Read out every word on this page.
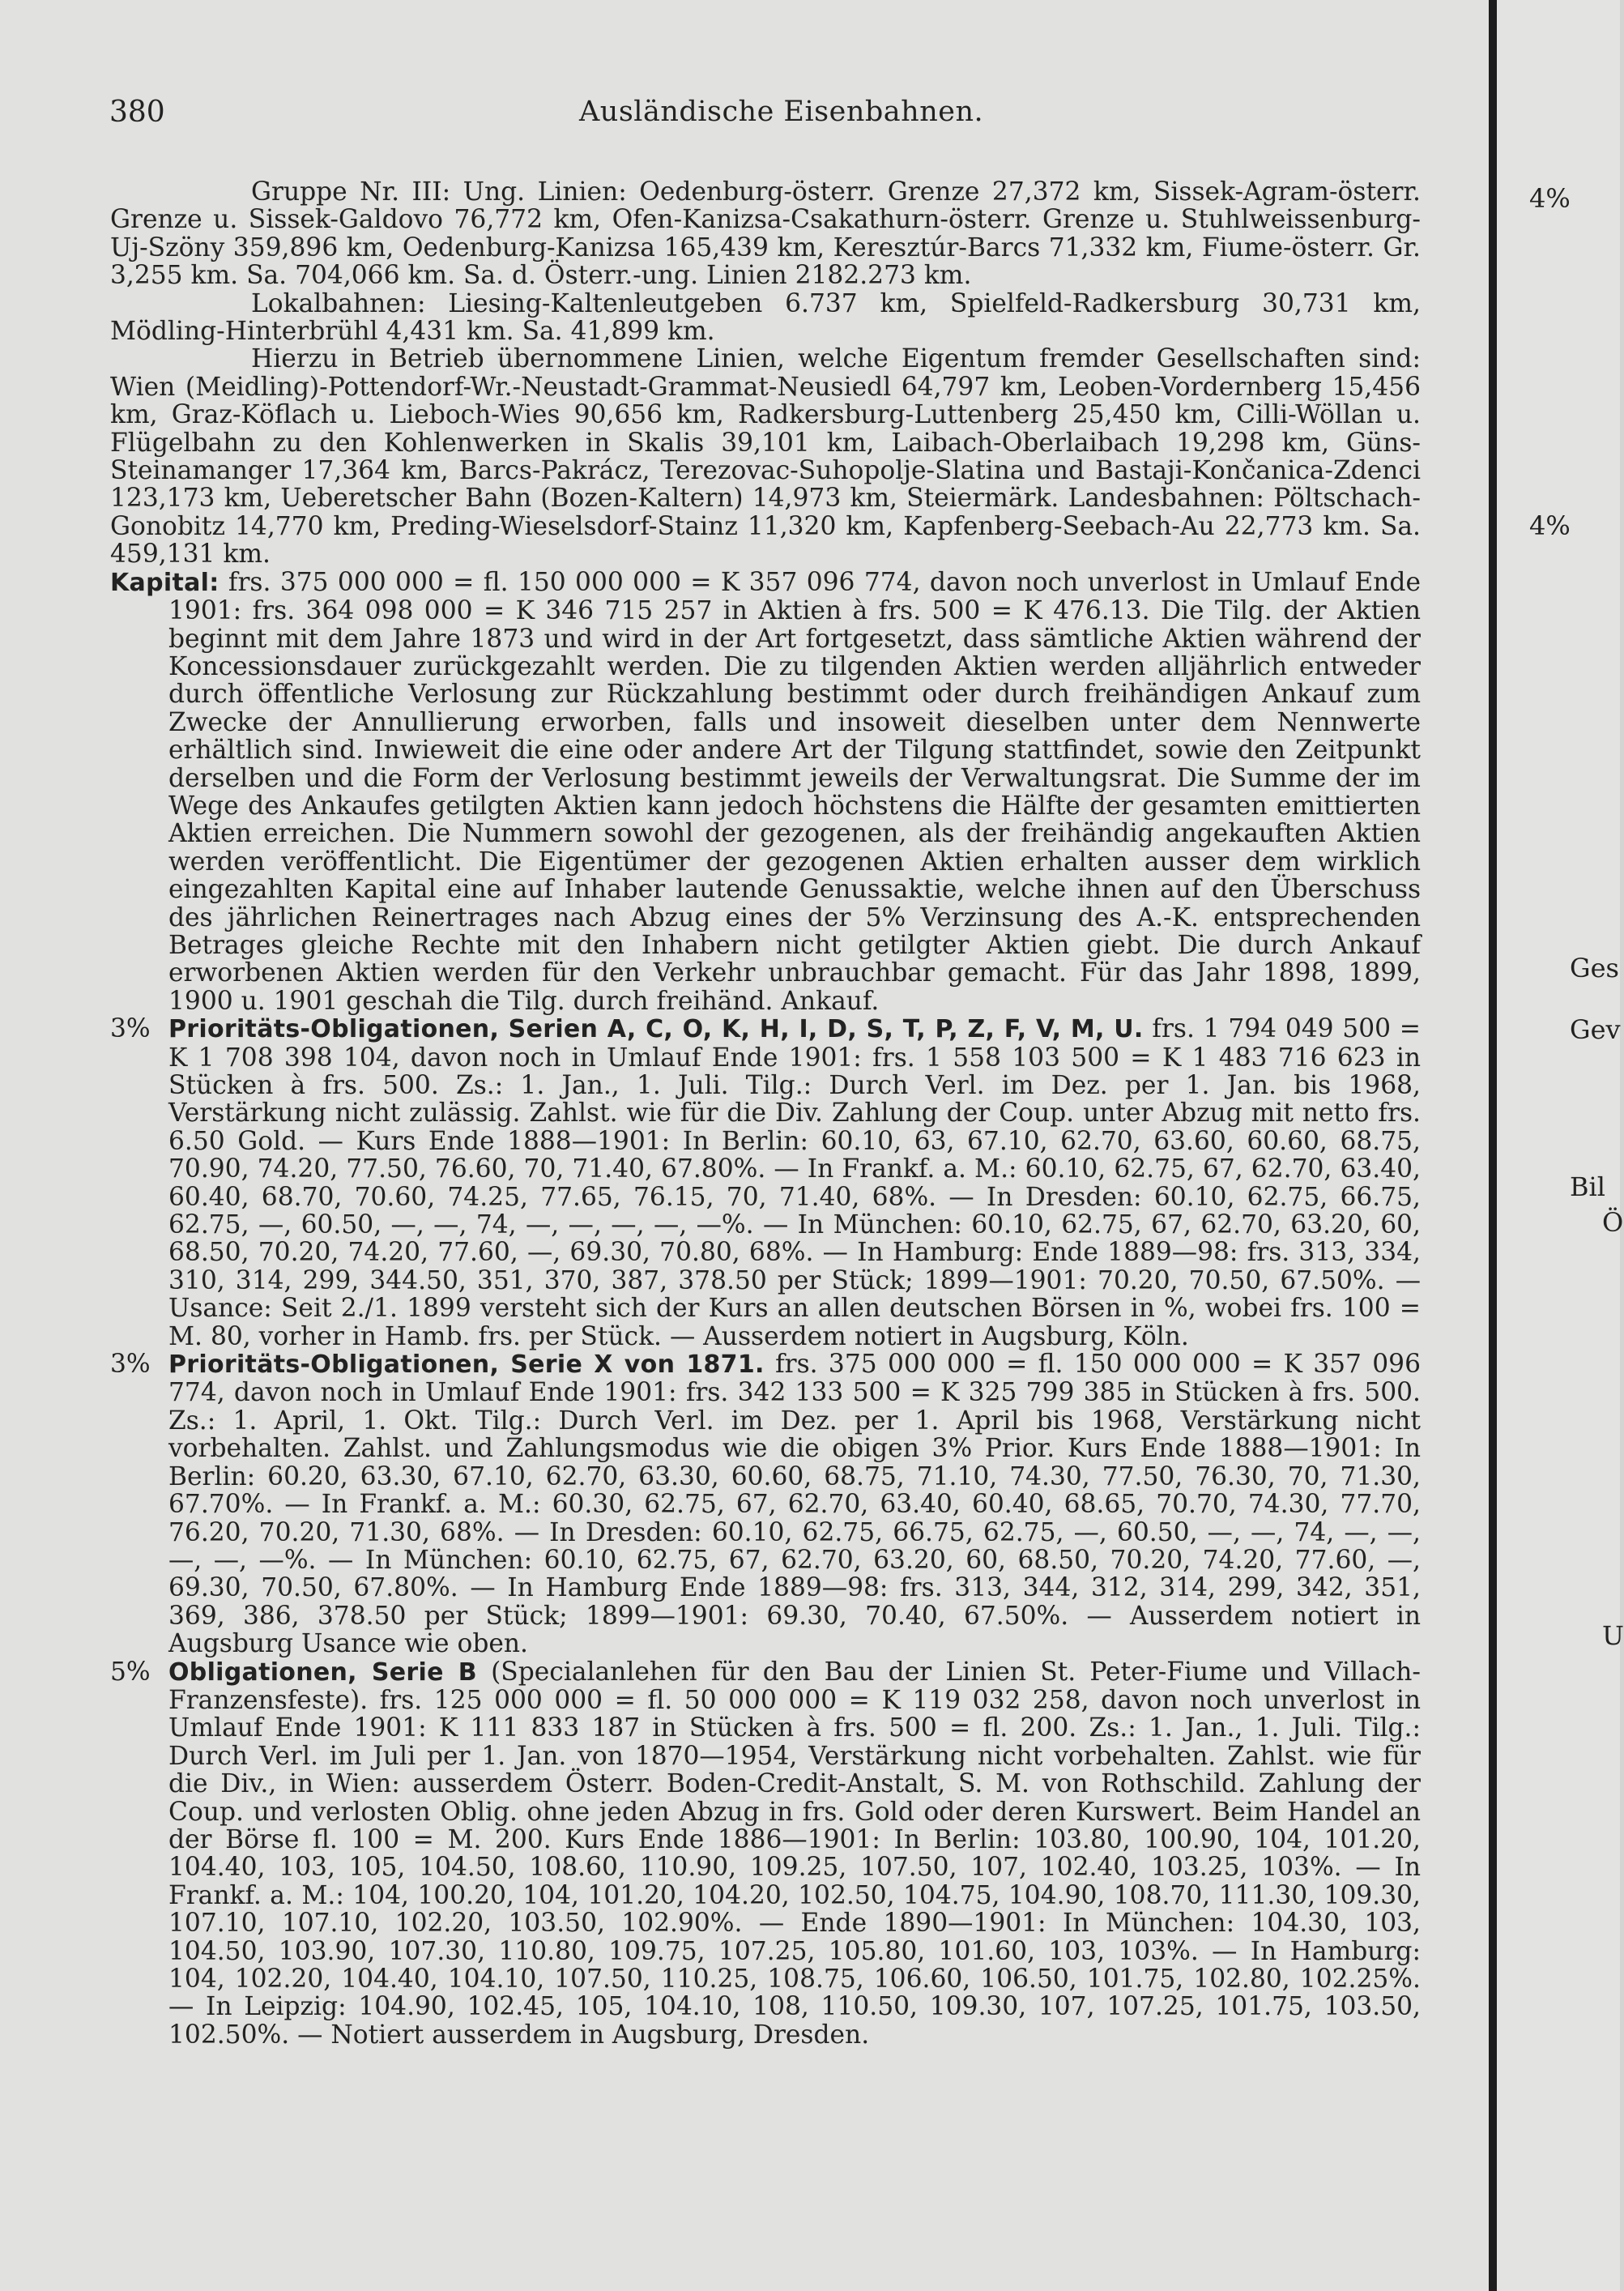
380	Ausländische Eisenbahnen.

Gruppe Nr. III: Ung. Linien: Oedenburg-österr. Grenze 27,372 km, Sissek-Agram-österr. Grenze u. Sissek-Galdovo 76,772 km, Ofen-Kanizsa-Csakathurn-österr. Grenze u. Stuhlweissenburg-Uj-Szöny 359,896 km, Oedenburg-Kanizsa 165,439 km, Keresztúr-Barcs 71,332 km, Fiume-österr. Gr. 3,255 km. Sa. 704,066 km. Sa. d. Österr.-ung. Linien 2182.273 km.

Lokalbahnen: Liesing-Kaltenleutgeben 6.737 km, Spielfeld-Radkersburg 30,731 km, Mödling-Hinterbrühl 4,431 km. Sa. 41,899 km.

Hierzu in Betrieb übernommene Linien, welche Eigentum fremder Gesellschaften sind: Wien (Meidling)-Pottendorf-Wr.-Neustadt-Grammat-Neusiedl 64,797 km, Leoben-Vordernberg 15,456 km, Graz-Köflach u. Lieboch-Wies 90,656 km, Radkersburg-Luttenberg 25,450 km, Cilli-Wöllan u. Flügelbahn zu den Kohlenwerken in Skalis 39,101 km, Laibach-Oberlaibach 19,298 km, Güns-Steinamanger 17,364 km, Barcs-Pakrácz, Terezovac-Suhopolje-Slatina und Bastaji-Končanica-Zdenci 123,173 km, Ueberetscher Bahn (Bozen-Kaltern) 14,973 km, Steiermärk. Landesbahnen: Pöltschach-Gonobitz 14,770 km, Preding-Wieselsdorf-Stainz 11,320 km, Kapfenberg-Seebach-Au 22,773 km. Sa. 459,131 km.

Kapital: frs. 375 000 000 = fl. 150 000 000 = K 357 096 774, davon noch unverlost in Umlauf Ende 1901: frs. 364 098 000 = K 346 715 257 in Aktien à frs. 500 = K 476.13. Die Tilg. der Aktien beginnt mit dem Jahre 1873 und wird in der Art fortgesetzt, dass sämtliche Aktien während der Koncessionsdauer zurückgezahlt werden. Die zu tilgenden Aktien werden alljährlich entweder durch öffentliche Verlosung zur Rückzahlung bestimmt oder durch freihändigen Ankauf zum Zwecke der Annullierung erworben, falls und insoweit dieselben unter dem Nennwerte erhältlich sind. Inwieweit die eine oder andere Art der Tilgung stattfindet, sowie den Zeitpunkt derselben und die Form der Verlosung bestimmt jeweils der Verwaltungsrat. Die Summe der im Wege des Ankaufes getilgten Aktien kann jedoch höchstens die Hälfte der gesamten emittierten Aktien erreichen. Die Nummern sowohl der gezogenen, als der freihändig angekauften Aktien werden veröffentlicht. Die Eigentümer der gezogenen Aktien erhalten ausser dem wirklich eingezahlten Kapital eine auf Inhaber lautende Genussaktie, welche ihnen auf den Überschuss des jährlichen Reinertrages nach Abzug eines der 5% Verzinsung des A.-K. entsprechenden Betrages gleiche Rechte mit den Inhabern nicht getilgter Aktien giebt. Die durch Ankauf erworbenen Aktien werden für den Verkehr unbrauchbar gemacht. Für das Jahr 1898, 1899, 1900 u. 1901 geschah die Tilg. durch freihänd. Ankauf.

3% Prioritäts-Obligationen, Serien A, C, O, K, H, I, D, S, T, P, Z, F, V, M, U. frs. 1 794 049 500 = K 1 708 398 104, davon noch in Umlauf Ende 1901: frs. 1 558 103 500 = K 1 483 716 623 in Stücken à frs. 500. Zs.: 1. Jan., 1. Juli. Tilg.: Durch Verl. im Dez. per 1. Jan. bis 1968, Verstärkung nicht zulässig. Zahlst. wie für die Div. Zahlung der Coup. unter Abzug mit netto frs. 6.50 Gold. — Kurs Ende 1888—1901: In Berlin: 60.10, 63, 67.10, 62.70, 63.60, 60.60, 68.75, 70.90, 74.20, 77.50, 76.60, 70, 71.40, 67.80%. — In Frankf. a. M.: 60.10, 62.75, 67, 62.70, 63.40, 60.40, 68.70, 70.60, 74.25, 77.65, 76.15, 70, 71.40, 68%. — In Dresden: 60.10, 62.75, 66.75, 62.75, —, 60.50, —, —, 74, —, —, —, —, —%. — In München: 60.10, 62.75, 67, 62.70, 63.20, 60, 68.50, 70.20, 74.20, 77.60, —, 69.30, 70.80, 68%. — In Hamburg: Ende 1889—98: frs. 313, 334, 310, 314, 299, 344.50, 351, 370, 387, 378.50 per Stück; 1899—1901: 70.20, 70.50, 67.50%. — Usance: Seit 2./1. 1899 versteht sich der Kurs an allen deutschen Börsen in %, wobei frs. 100 = M. 80, vorher in Hamb. frs. per Stück. — Ausserdem notiert in Augsburg, Köln.

3% Prioritäts-Obligationen, Serie X von 1871. frs. 375 000 000 = fl. 150 000 000 = K 357 096 774, davon noch in Umlauf Ende 1901: frs. 342 133 500 = K 325 799 385 in Stücken à frs. 500. Zs.: 1. April, 1. Okt. Tilg.: Durch Verl. im Dez. per 1. April bis 1968, Verstärkung nicht vorbehalten. Zahlst. und Zahlungsmodus wie die obigen 3% Prior. Kurs Ende 1888—1901: In Berlin: 60.20, 63.30, 67.10, 62.70, 63.30, 60.60, 68.75, 71.10, 74.30, 77.50, 76.30, 70, 71.30, 67.70%. — In Frankf. a. M.: 60.30, 62.75, 67, 62.70, 63.40, 60.40, 68.65, 70.70, 74.30, 77.70, 76.20, 70.20, 71.30, 68%. — In Dresden: 60.10, 62.75, 66.75, 62.75, —, 60.50, —, —, 74, —, —, —, —, —%. — In München: 60.10, 62.75, 67, 62.70, 63.20, 60, 68.50, 70.20, 74.20, 77.60, —, 69.30, 70.50, 67.80%. — In Hamburg Ende 1889—98: frs. 313, 344, 312, 314, 299, 342, 351, 369, 386, 378.50 per Stück; 1899—1901: 69.30, 70.40, 67.50%. — Ausserdem notiert in Augsburg Usance wie oben.

5% Obligationen, Serie B (Specialanlehen für den Bau der Linien St. Peter-Fiume und Villach-Franzensfeste). frs. 125 000 000 = fl. 50 000 000 = K 119 032 258, davon noch unverlost in Umlauf Ende 1901: K 111 833 187 in Stücken à frs. 500 = fl. 200. Zs.: 1. Jan., 1. Juli. Tilg.: Durch Verl. im Juli per 1. Jan. von 1870—1954, Verstärkung nicht vorbehalten. Zahlst. wie für die Div., in Wien: ausserdem Österr. Boden-Credit-Anstalt, S. M. von Rothschild. Zahlung der Coup. und verlosten Oblig. ohne jeden Abzug in frs. Gold oder deren Kurswert. Beim Handel an der Börse fl. 100 = M. 200. Kurs Ende 1886—1901: In Berlin: 103.80, 100.90, 104, 101.20, 104.40, 103, 105, 104.50, 108.60, 110.90, 109.25, 107.50, 107, 102.40, 103.25, 103%. — In Frankf. a. M.: 104, 100.20, 104, 101.20, 104.20, 102.50, 104.75, 104.90, 108.70, 111.30, 109.30, 107.10, 107.10, 102.20, 103.50, 102.90%. — Ende 1890—1901: In München: 104.30, 103, 104.50, 103.90, 107.30, 110.80, 109.75, 107.25, 105.80, 101.60, 103, 103%. — In Hamburg: 104, 102.20, 104.40, 104.10, 107.50, 110.25, 108.75, 106.60, 106.50, 101.75, 102.80, 102.25%. — In Leipzig: 104.90, 102.45, 105, 104.10, 108, 110.50, 109.30, 107, 107.25, 101.75, 103.50, 102.50%. — Notiert ausserdem in Augsburg, Dresden.

4%
4%
Ges
Gev
Bil
Ö
U
